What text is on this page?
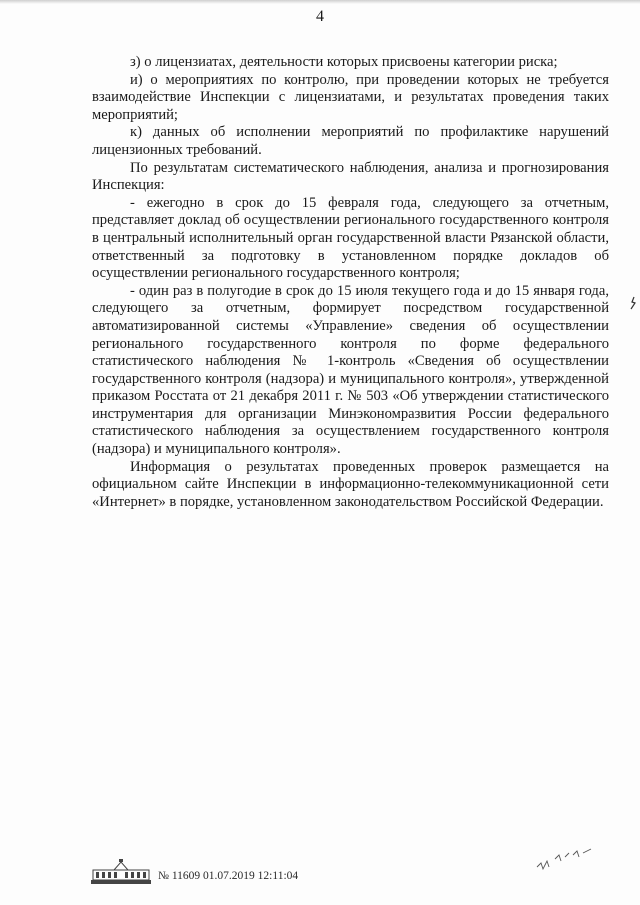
4

з) о лицензиатах, деятельности которых присвоены категории риска;

и) о мероприятиях по контролю, при проведении которых не требуется взаимодействие Инспекции с лицензиатами, и результатах проведения таких мероприятий;

к) данных об исполнении мероприятий по профилактике нарушений лицензионных требований.

По результатам систематического наблюдения, анализа и прогнозирования Инспекция:

- ежегодно в срок до 15 февраля года, следующего за отчетным, представляет доклад об осуществлении регионального государственного контроля в центральный исполнительный орган государственной власти Рязанской области, ответственный за подготовку в установленном порядке докладов об осуществлении регионального государственного контроля;

- один раз в полугодие в срок до 15 июля текущего года и до 15 января года, следующего за отчетным, формирует посредством государственной автоматизированной системы «Управление» сведения об осуществлении регионального государственного контроля по форме федерального статистического наблюдения № 1-контроль «Сведения об осуществлении государственного контроля (надзора) и муниципального контроля», утвержденной приказом Росстата от 21 декабря 2011 г. № 503 «Об утверждении статистического инструментария для организации Минэкономразвития России федерального статистического наблюдения за осуществлением государственного контроля (надзора) и муниципального контроля».

Информация о результатах проведенных проверок размещается на официальном сайте Инспекции в информационно-телекоммуникационной сети «Интернет» в порядке, установленном законодательством Российской Федерации.

№ 11609 01.07.2019 12:11:04
